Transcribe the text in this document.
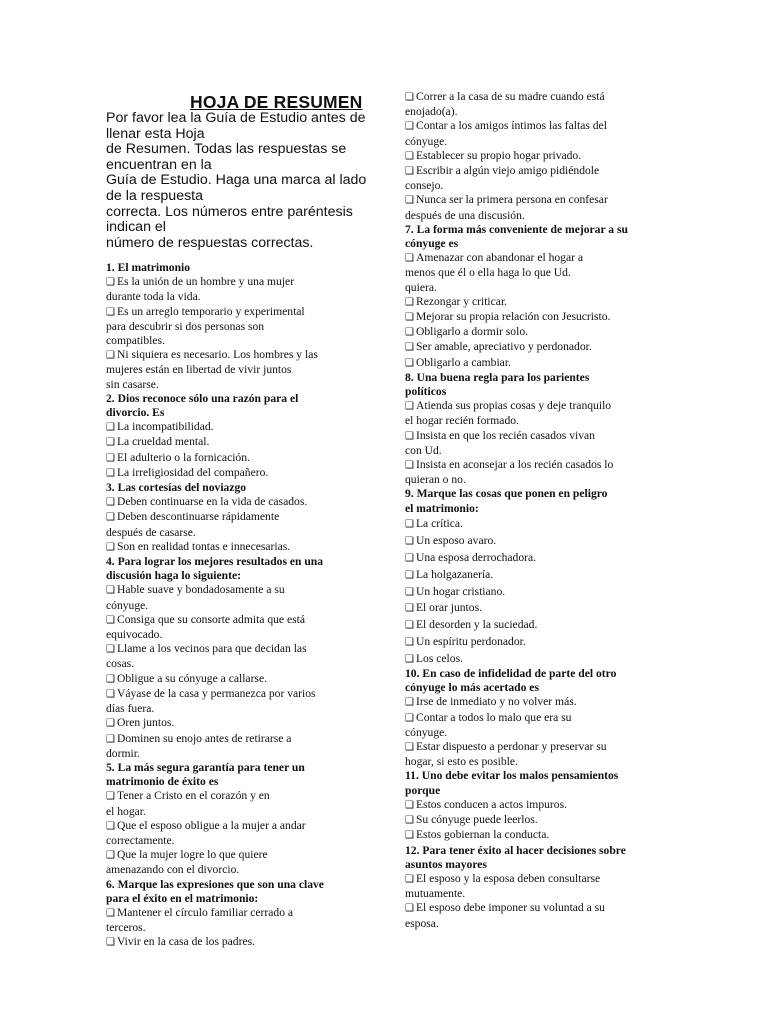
HOJA DE RESUMEN
Por favor lea la Guía de Estudio antes de
llenar esta Hoja
de Resumen. Todas las respuestas se
encuentran en la
Guía de Estudio. Haga una marca al lado
de la respuesta
correcta. Los números entre paréntesis
indican el
número de respuestas correctas.
1. El matrimonio
❑ Es la unión de un hombre y una mujer
durante toda la vida.
❑ Es un arreglo temporario y experimental
para descubrir si dos personas son
compatibles.
❑ Ni siquiera es necesario. Los hombres y las
mujeres están en libertad de vivir juntos
sin casarse.
2. Dios reconoce sólo una razón para el
divorcio. Es
❑ La incompatibilidad.
❑ La crueldad mental.
❑ El adulterio o la fornicación.
❑ La irreligiosidad del compañero.
3. Las cortesías del noviazgo
❑ Deben continuarse en la vida de casados.
❑ Deben descontinuarse rápidamente
después de casarse.
❑ Son en realidad tontas e innecesarias.
4. Para lograr los mejores resultados en una
discusión haga lo siguiente:
❑ Hable suave y bondadosamente a su
cónyuge.
❑ Consiga que su consorte admita que está
equivocado.
❑ Llame a los vecinos para que decidan las
cosas.
❑ Obligue a su cónyuge a callarse.
❑ Váyase de la casa y permanezca por varios
días fuera.
❑ Oren juntos.
❑ Dominen su enojo antes de retirarse a
dormir.
5. La más segura garantía para tener un
matrimonio de éxito es
❑ Tener a Cristo en el corazón y en
el hogar.
❑ Que el esposo obligue a la mujer a andar
correctamente.
❑ Que la mujer logre lo que quiere
amenazando con el divorcio.
6. Marque las expresiones que son una clave
para el éxito en el matrimonio:
❑ Mantener el círculo familiar cerrado a
terceros.
❑ Vivir en la casa de los padres.
❑ Correr a la casa de su madre cuando está
enojado(a).
❑ Contar a los amigos íntimos las faltas del
cónyuge.
❑ Establecer su propio hogar privado.
❑ Escribir a algún viejo amigo pidiéndole
consejo.
❑ Nunca ser la primera persona en confesar
después de una discusión.
7. La forma más conveniente de mejorar a su
cónyuge es
❑ Amenazar con abandonar el hogar a
menos que él o ella haga lo que Ud.
quiera.
❑ Rezongar y criticar.
❑ Mejorar su propia relación con Jesucristo.
❑ Obligarlo a dormir solo.
❑ Ser amable, apreciativo y perdonador.
❑ Obligarlo a cambiar.
8. Una buena regla para los parientes
políticos
❑ Atienda sus propias cosas y deje tranquilo
el hogar recién formado.
❑ Insista en que los recién casados vivan
con Ud.
❑ Insista en aconsejar a los recién casados lo
quieran o no.
9. Marque las cosas que ponen en peligro
el matrimonio:
❑ La crítica.
❑ Un esposo avaro.
❑ Una esposa derrochadora.
❑ La holgazanería.
❑ Un hogar cristiano.
❑ El orar juntos.
❑ El desorden y la suciedad.
❑ Un espíritu perdonador.
❑ Los celos.
10. En caso de infidelidad de parte del otro
cónyuge lo más acertado es
❑ Irse de inmediato y no volver más.
❑ Contar a todos lo malo que era su
cónyuge.
❑ Estar dispuesto a perdonar y preservar su
hogar, si esto es posible.
11. Uno debe evitar los malos pensamientos
porque
❑ Estos conducen a actos impuros.
❑ Su cónyuge puede leerlos.
❑ Estos gobiernan la conducta.
12. Para tener éxito al hacer decisiones sobre
asuntos mayores
❑ El esposo y la esposa deben consultarse
mutuamente.
❑ El esposo debe imponer su voluntad a su
esposa.
